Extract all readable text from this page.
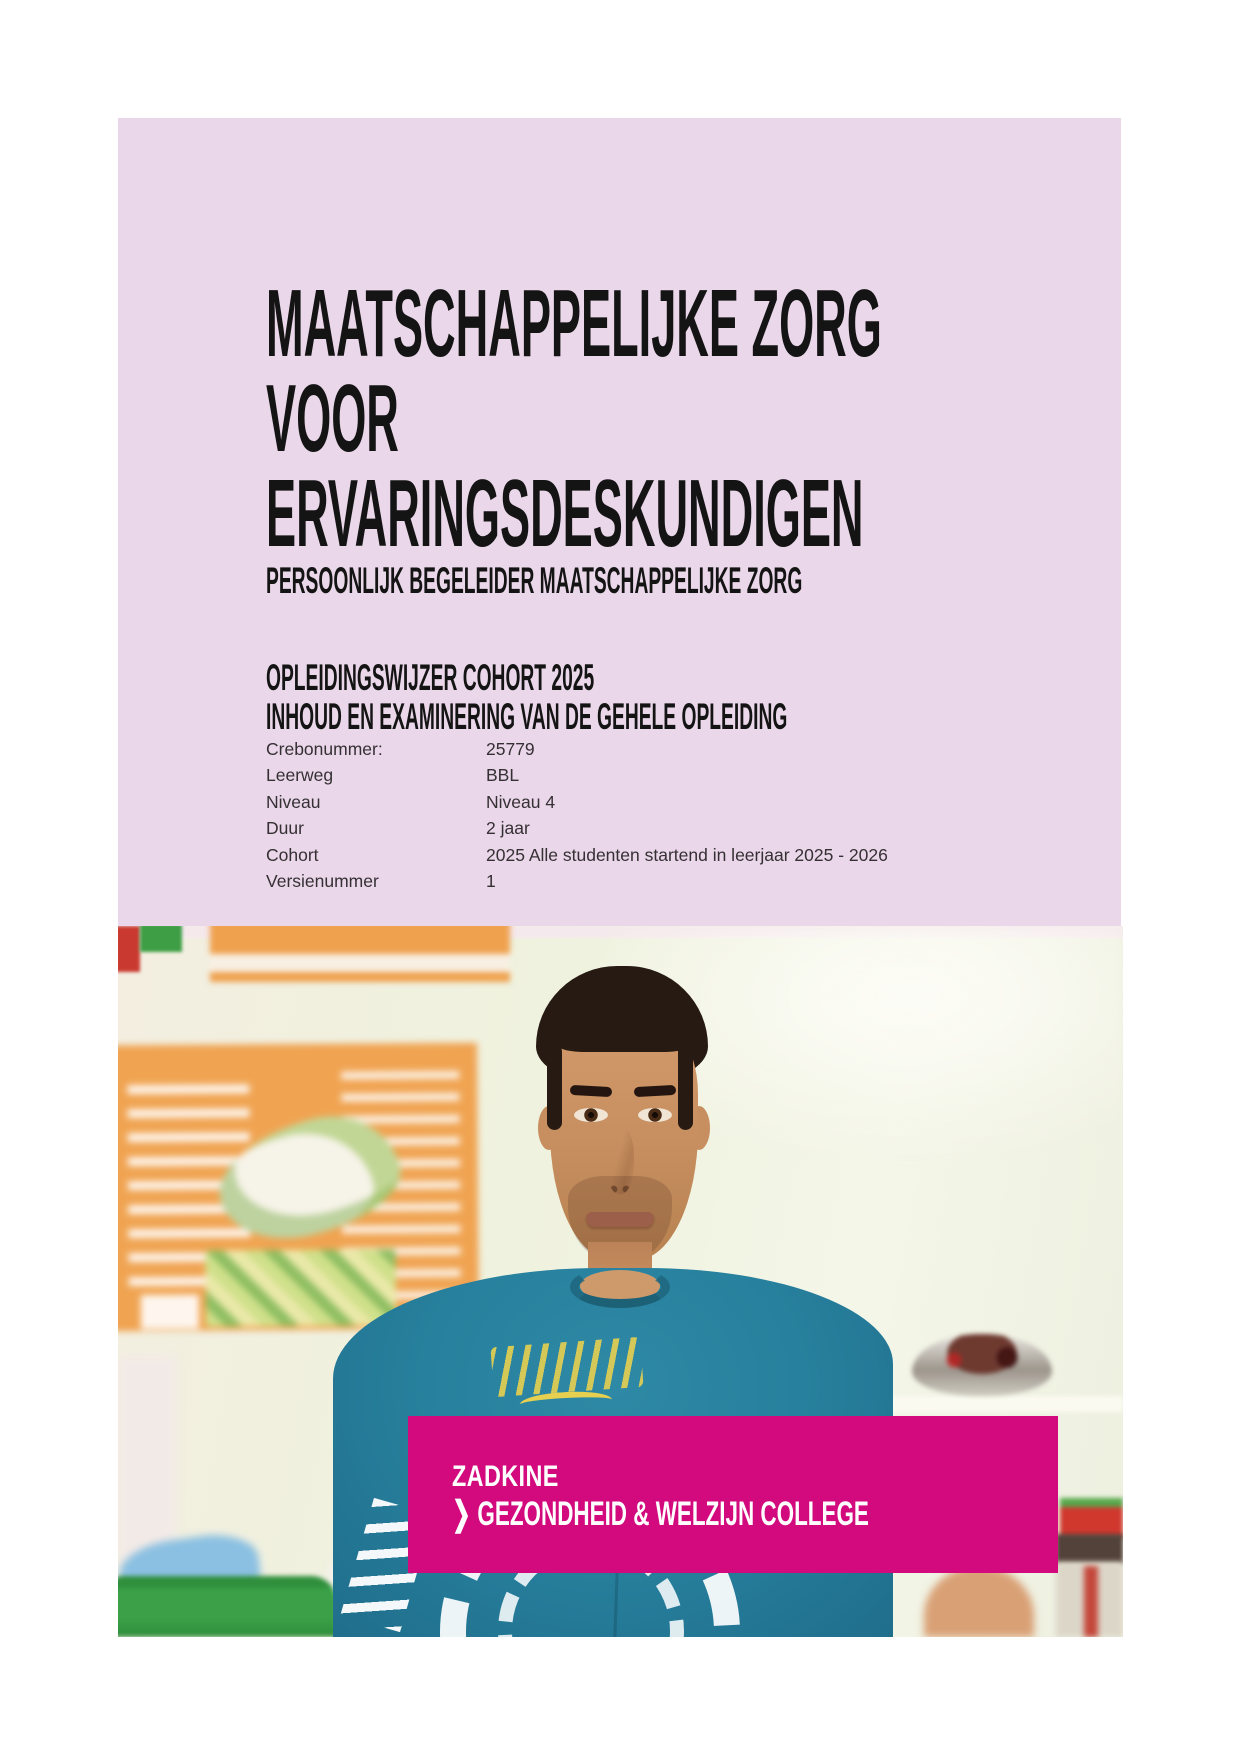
MAATSCHAPPELIJKE ZORG
VOOR
ERVARINGSDESKUNDIGEN
PERSOONLIJK BEGELEIDER MAATSCHAPPELIJKE ZORG
OPLEIDINGSWIJZER COHORT 2025
INHOUD EN EXAMINERING VAN DE GEHELE OPLEIDING
Crebonummer:	25779
Leerweg	BBL
Niveau	Niveau 4
Duur	2 jaar
Cohort	2025 Alle studenten startend in leerjaar 2025 - 2026
Versienummer	1
ZADKINE
❯ GEZONDHEID & WELZIJN COLLEGE
